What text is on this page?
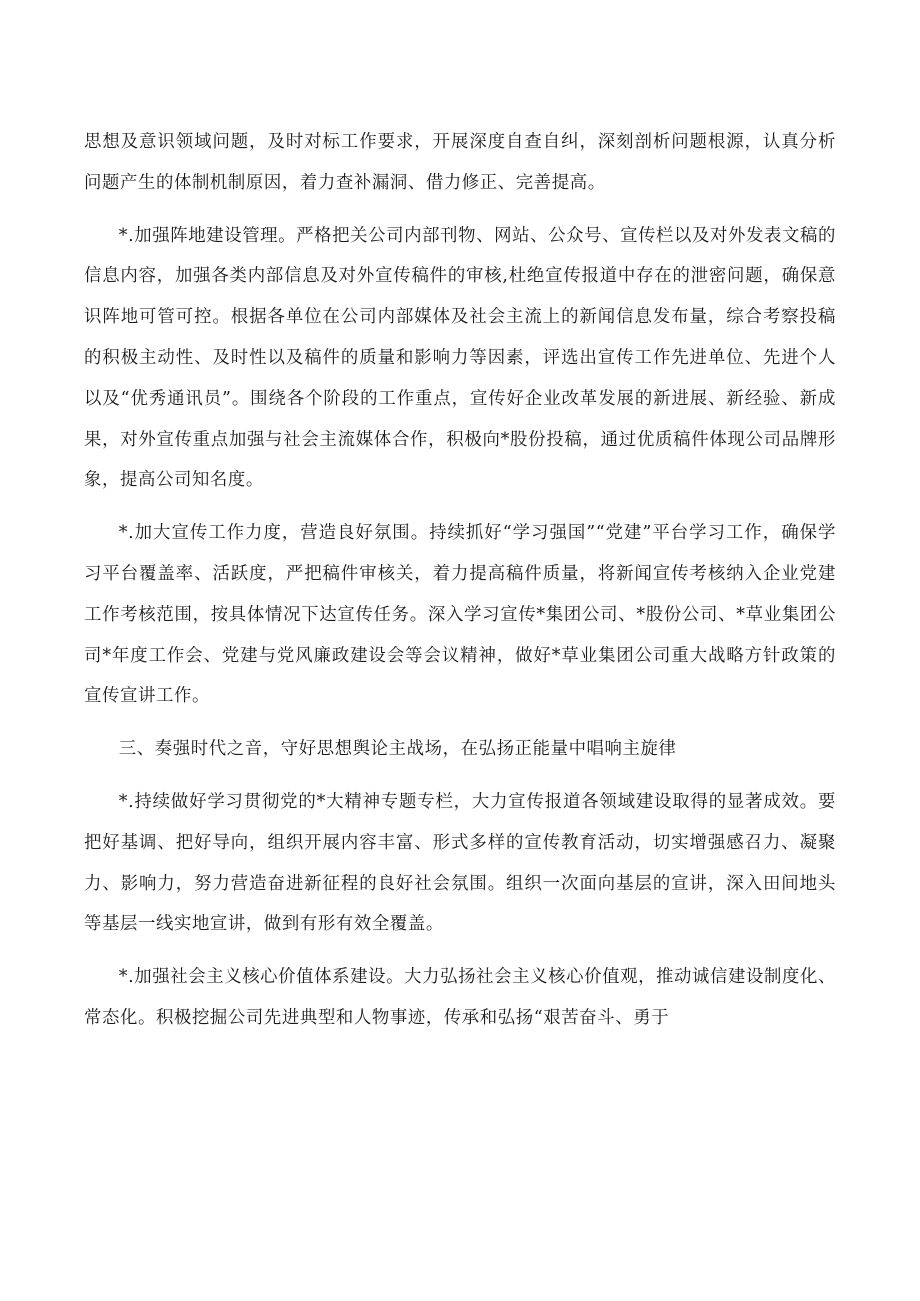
思想及意识领域问题，及时对标工作要求，开展深度自查自纠，深刻剖析问题根源，认真分析问题产生的体制机制原因，着力查补漏洞、借力修正、完善提高。

*.加强阵地建设管理。严格把关公司内部刊物、网站、公众号、宣传栏以及对外发表文稿的信息内容，加强各类内部信息及对外宣传稿件的审核,杜绝宣传报道中存在的泄密问题，确保意识阵地可管可控。根据各单位在公司内部媒体及社会主流上的新闻信息发布量，综合考察投稿的积极主动性、及时性以及稿件的质量和影响力等因素，评选出宣传工作先进单位、先进个人以及“优秀通讯员”。围绕各个阶段的工作重点，宣传好企业改革发展的新进展、新经验、新成果，对外宣传重点加强与社会主流媒体合作，积极向*股份投稿，通过优质稿件体现公司品牌形象，提高公司知名度。

*.加大宣传工作力度，营造良好氛围。持续抓好“学习强国”“党建”平台学习工作，确保学习平台覆盖率、活跃度，严把稿件审核关，着力提高稿件质量，将新闻宣传考核纳入企业党建工作考核范围，按具体情况下达宣传任务。深入学习宣传*集团公司、*股份公司、*草业集团公司*年度工作会、党建与党风廉政建设会等会议精神，做好*草业集团公司重大战略方针政策的宣传宣讲工作。

三、奏强时代之音，守好思想舆论主战场，在弘扬正能量中唱响主旋律

*.持续做好学习贯彻党的*大精神专题专栏，大力宣传报道各领域建设取得的显著成效。要把好基调、把好导向，组织开展内容丰富、形式多样的宣传教育活动，切实增强感召力、凝聚力、影响力，努力营造奋进新征程的良好社会氛围。组织一次面向基层的宣讲，深入田间地头等基层一线实地宣讲，做到有形有效全覆盖。

*.加强社会主义核心价值体系建设。大力弘扬社会主义核心价值观，推动诚信建设制度化、常态化。积极挖掘公司先进典型和人物事迹，传承和弘扬“艰苦奋斗、勇于
